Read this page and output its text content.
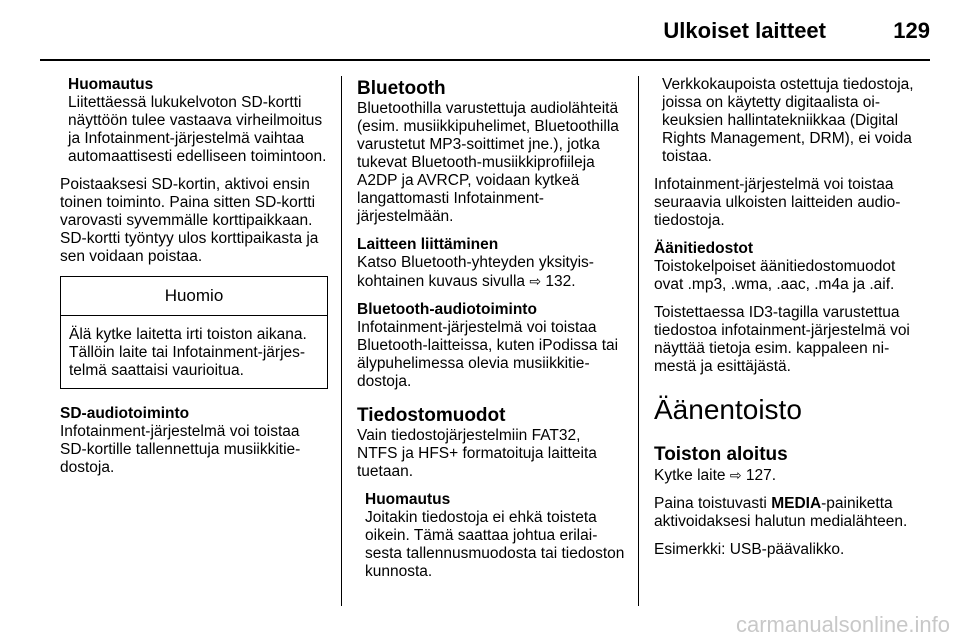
Ulkoiset laitteet	129
Huomautus
Liitettäessä lukukelvoton SD-kortti näyttöön tulee vastaava virheilmoitus ja Infotainment-järjestelmä vaihtaa automaattisesti edelliseen toimintoon.

Poistaaksesi SD-kortin, aktivoi ensin toinen toiminto. Paina sitten SD-kortti varovasti syvemmälle korttipaikkaan. SD-kortti työntyy ulos korttipaikasta ja sen voidaan poistaa.

Huomio
Älä kytke laitetta irti toiston aikana. Tällöin laite tai Infotainment-järjestelmä saattaisi vaurioitua.
SD-audiotoiminto

Infotainment-järjestelmä voi toistaa SD-kortille tallennettuja musiikkitiedostoja.

Bluetooth

Bluetoothilla varustettuja audiolähteitä (esim. musiikkipuhelimet, Bluetoothilla varustetut MP3-soittimet jne.), jotka tukevat Bluetooth-musiikkiprofiileja A2DP ja AVRCP, voidaan kytkeä langattomasti Infotainment-järjestelmään.

Laitteen liittäminen

Katso Bluetooth-yhteyden yksityiskohtainen kuvaus sivulla ⇨ 132.

Bluetooth-audiotoiminto

Infotainment-järjestelmä voi toistaa Bluetooth-laitteissa, kuten iPodissa tai älypuhelimessa olevia musiikkitiedostoja.

Tiedostomuodot

Vain tiedostojärjestelmiin FAT32, NTFS ja HFS+ formatoituja laitteita tuetaan.

Huomautus
Joitakin tiedostoja ei ehkä toisteta oikein. Tämä saattaa johtua erilaisesta tallennusmuodosta tai tiedoston kunnosta.
Verkkokaupoista ostettuja tiedostoja, joissa on käytetty digitaalista oikeuksien hallintatekniikkaa (Digital Rights Management, DRM), ei voida toistaa.

Infotainment-järjestelmä voi toistaa seuraavia ulkoisten laitteiden audiotiedostoja.

Äänitiedostot

Toistokelpoiset äänitiedostomuodot ovat .mp3, .wma, .aac, .m4a ja .aif.

Toistettaessa ID3-tagilla varustettua tiedostoa infotainment-järjestelmä voi näyttää tietoja esim. kappaleen nimestä ja esittäjästä.

Äänentoisto
Toiston aloitus

Kytke laite ⇨ 127.

Paina toistuvasti MEDIA-painiketta aktivoidaksesi halutun medialähteen.

Esimerkki: USB-päävalikko.

carmanualsonline.info
